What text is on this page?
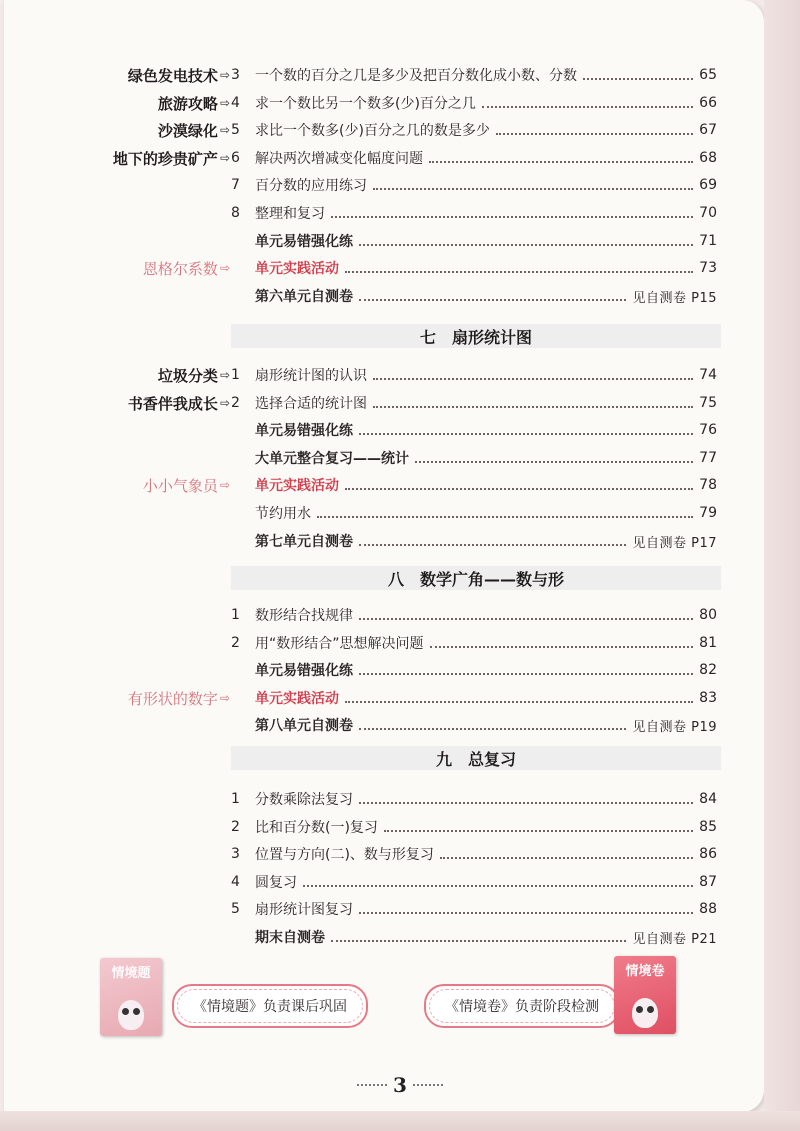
绿色发电技术 ⇨ 3	一个数的百分之几是多少及把百分数化成小数、分数	65
旅游攻略 ⇨ 4	求一个数比另一个数多(少)百分之几	66
沙漠绿化 ⇨ 5	求比一个数多(少)百分之几的数是多少	67
地下的珍贵矿产 ⇨ 6	解决两次增减变化幅度问题	68
7	百分数的应用练习	69
8	整理和复习	70
单元易错强化练	71
恩格尔系数 ⇨ 单元实践活动	73
第六单元自测卷	见自测卷 P15
垃圾分类 ⇨ 1	扇形统计图的认识	74
书香伴我成长 ⇨ 2	选择合适的统计图	75
单元易错强化练	76
大单元整合复习——统计	77
小小气象员 ⇨ 单元实践活动	78
节约用水	79
第七单元自测卷	见自测卷 P17
1	数形结合找规律	80
2	用“数形结合”思想解决问题	81
单元易错强化练	82
有形状的数字 ⇨ 单元实践活动	83
第八单元自测卷	见自测卷 P19
1	分数乘除法复习	84
2	比和百分数(一)复习	85
3	位置与方向(二)、数与形复习	86
4	圆复习	87
5	扇形统计图复习	88
期末自测卷	见自测卷 P21
七　扇形统计图
八　数学广角——数与形
九　总复习
情境题
《情境题》负责课后巩固	《情境卷》负责阶段检测
情境卷
3
